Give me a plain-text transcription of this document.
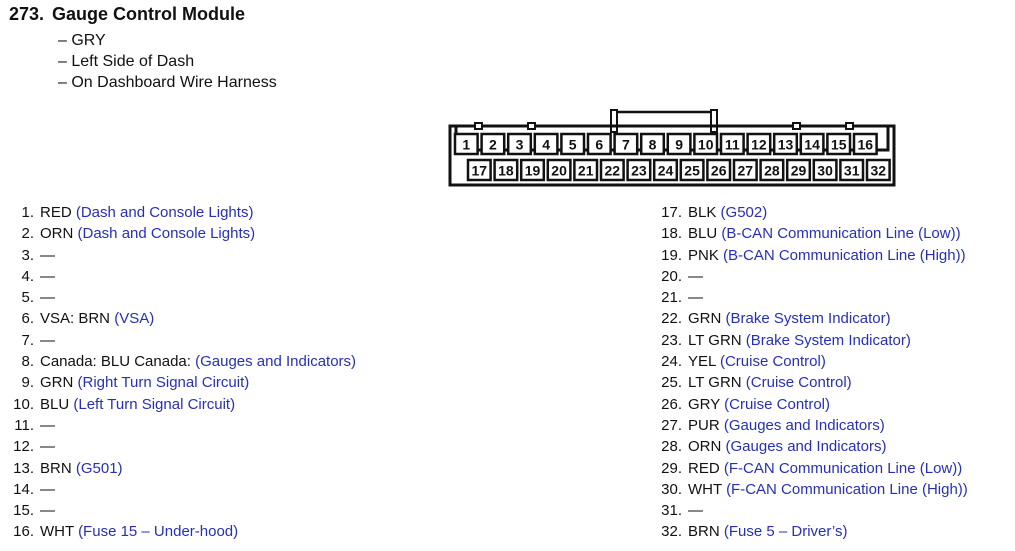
273. Gauge Control Module
– GRY
– Left Side of Dash
– On Dashboard Wire Harness
1 2 3 4 5 6 7 8 9 10 11 12 13 14 15 16
17 18 19 20 21 22 23 24 25 26 27 28 29 30 31 32
1. RED (Dash and Console Lights)
2. ORN (Dash and Console Lights)
3. —
4. —
5. —
6. VSA: BRN (VSA)
7. —
8. Canada: BLU Canada: (Gauges and Indicators)
9. GRN (Right Turn Signal Circuit)
10. BLU (Left Turn Signal Circuit)
11. —
12. —
13. BRN (G501)
14. —
15. —
16. WHT (Fuse 15 – Under-hood)
17. BLK (G502)
18. BLU (B-CAN Communication Line (Low))
19. PNK (B-CAN Communication Line (High))
20. —
21. —
22. GRN (Brake System Indicator)
23. LT GRN (Brake System Indicator)
24. YEL (Cruise Control)
25. LT GRN (Cruise Control)
26. GRY (Cruise Control)
27. PUR (Gauges and Indicators)
28. ORN (Gauges and Indicators)
29. RED (F-CAN Communication Line (Low))
30. WHT (F-CAN Communication Line (High))
31. —
32. BRN (Fuse 5 – Driver’s)
